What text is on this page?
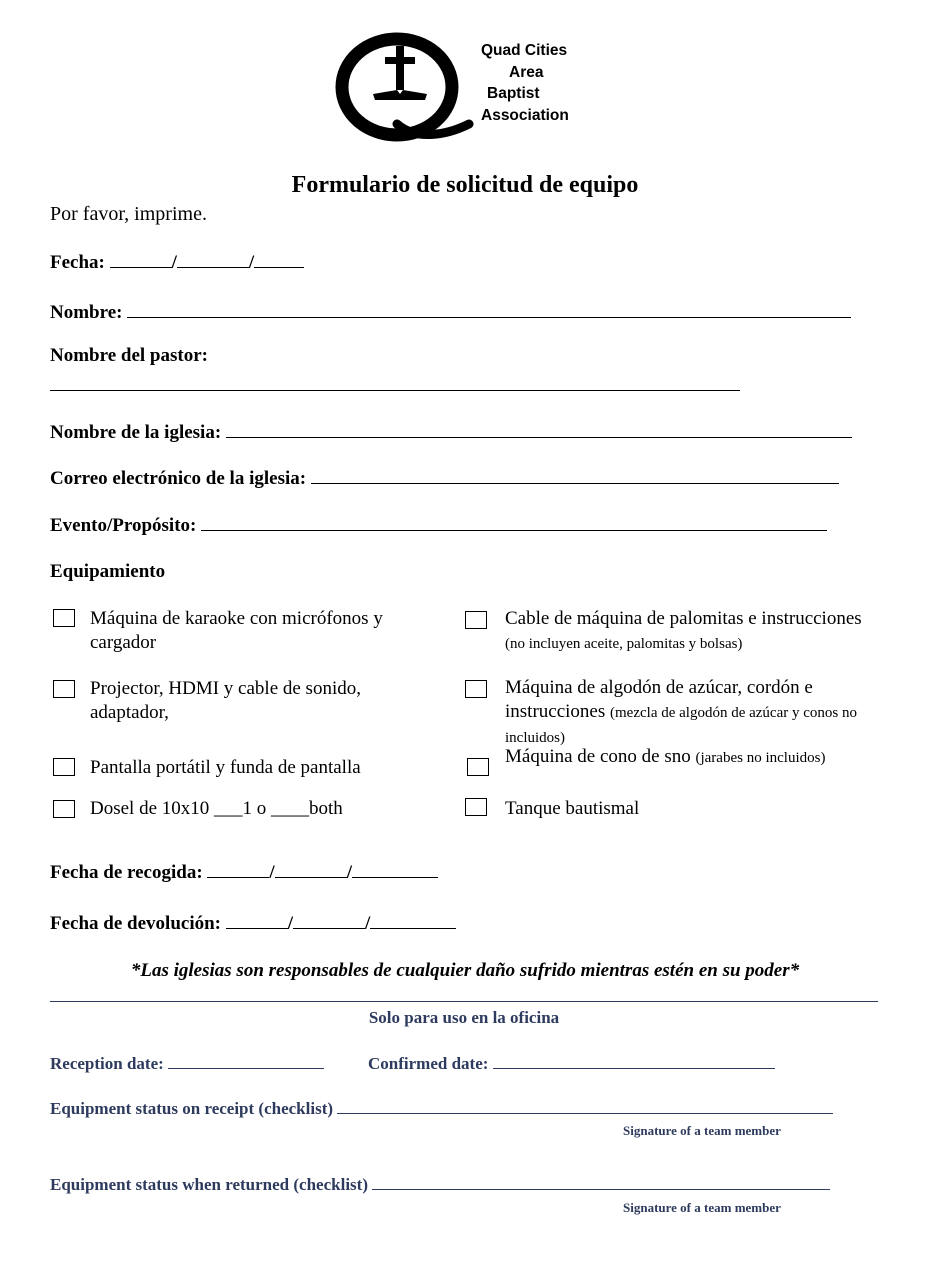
Quad Cities
Area
Baptist
Association
Formulario de solicitud de equipo
Por favor, imprime.
Fecha:	/	/
Nombre:
Nombre del pastor:
Nombre de la iglesia:
Correo electrónico de la iglesia:
Evento/Propósito:
Equipamiento
Máquina de karaoke con micrófonos y cargador
Projector, HDMI y cable de sonido, adaptador,
Pantalla portátil y funda de pantalla
Dosel de 10x10 ___1 o ____both
Cable de máquina de palomitas e instrucciones (no incluyen aceite, palomitas y bolsas)
Máquina de algodón de azúcar, cordón e instrucciones (mezcla de algodón de azúcar y conos no incluidos)
Máquina de cono de sno (jarabes no incluidos)
Tanque bautismal
Fecha de recogida:	/	/
Fecha de devolución:	/	/
*Las iglesias son responsables de cualquier daño sufrido mientras estén en su poder*
Solo para uso en la oficina
Reception date:	Confirmed date:
Equipment status on receipt (checklist)
Signature of a team member
Equipment status when returned (checklist)
Signature of a team member
